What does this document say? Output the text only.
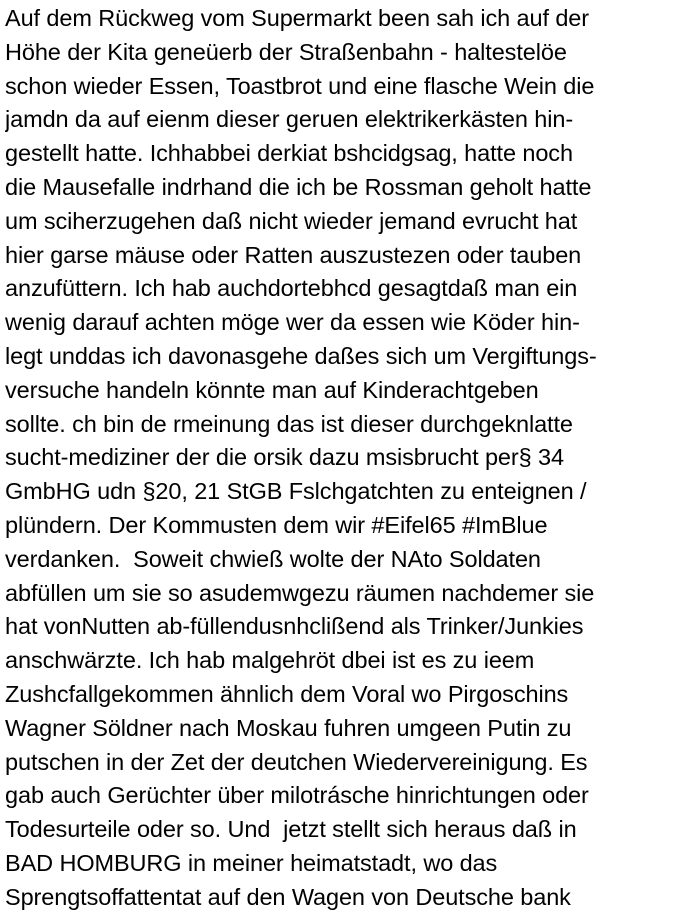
Auf dem Rückweg vom Supermarkt been sah ich auf der
Höhe der Kita geneüerb der Straßenbahn - haltestelöe
schon wieder Essen, Toastbrot und eine flasche Wein die
jamdn da auf eienm dieser geruen elektrikerkästen hin-
gestellt hatte. Ichhabbei derkiat bshcidgsag, hatte noch
die Mausefalle indrhand die ich be Rossman geholt hatte
um sciherzugehen daß nicht wieder jemand evrucht hat
hier garse mäuse oder Ratten auszustezen oder tauben
anzufüttern. Ich hab auchdortebhcd gesagtdaß man ein
wenig darauf achten möge wer da essen wie Köder hin-
legt unddas ich davonasgehe daßes sich um Vergiftungs-
versuche handeln könnte man auf Kinderachtgeben
sollte. ch bin de rmeinung das ist dieser durchgeknlatte
sucht-mediziner der die orsik dazu msisbrucht per§ 34
GmbHG udn §20, 21 StGB Fslchgatchten zu enteignen /
plündern. Der Kommusten dem wir #Eifel65 #ImBlue
verdanken.  Soweit chwieß wolte der NAto Soldaten
abfüllen um sie so asudemwgezu räumen nachdemer sie
hat vonNutten ab-füllendusnhclißend als Trinker/Junkies
anschwärzte. Ich hab malgehröt dbei ist es zu ieem
Zushcfallgekommen ähnlich dem Voral wo Pirgoschins
Wagner Söldner nach Moskau fuhren umgeen Putin zu
putschen in der Zet der deutchen Wiedervereinigung. Es
gab auch Gerüchter über milotrásche hinrichtungen oder
Todesurteile oder so. Und  jetzt stellt sich heraus daß in
BAD HOMBURG in meiner heimatstadt, wo das
Sprengtsoffattentat auf den Wagen von Deutsche bank
